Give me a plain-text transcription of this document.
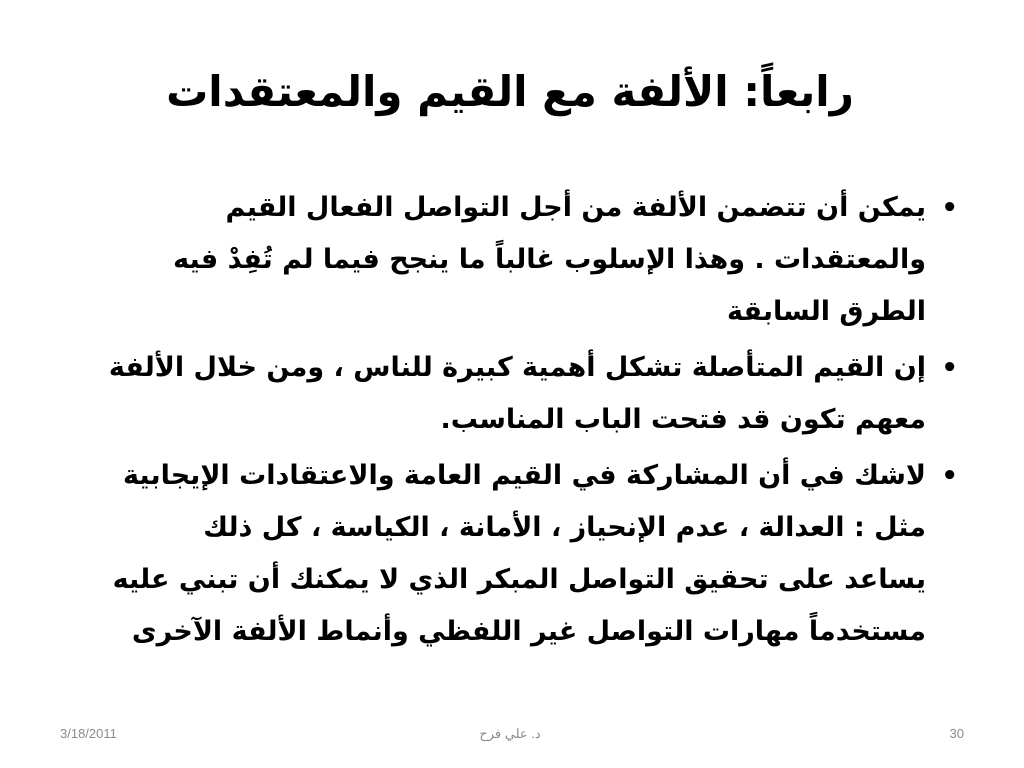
رابعاً: الألفة مع القيم والمعتقدات
•
يمكن أن تتضمن الألفة من أجل التواصل الفعال القيم
والمعتقدات . وهذا الإسلوب غالباً ما ينجح فيما لم تُفِدْ فيه
الطرق السابقة
•
إن القيم المتأصلة تشكل أهمية كبيرة للناس ، ومن خلال الألفة
معهم تكون قد فتحت الباب المناسب.
•
لاشك في أن المشاركة في القيم العامة والاعتقادات الإيجابية
مثل : العدالة ، عدم الإنحياز ، الأمانة ، الكياسة ، كل ذلك
يساعد على تحقيق التواصل المبكر الذي لا يمكنك أن تبني عليه
مستخدماً مهارات التواصل غير اللفظي وأنماط الألفة الآخرى
3/18/2011	د. علي فرح	30
